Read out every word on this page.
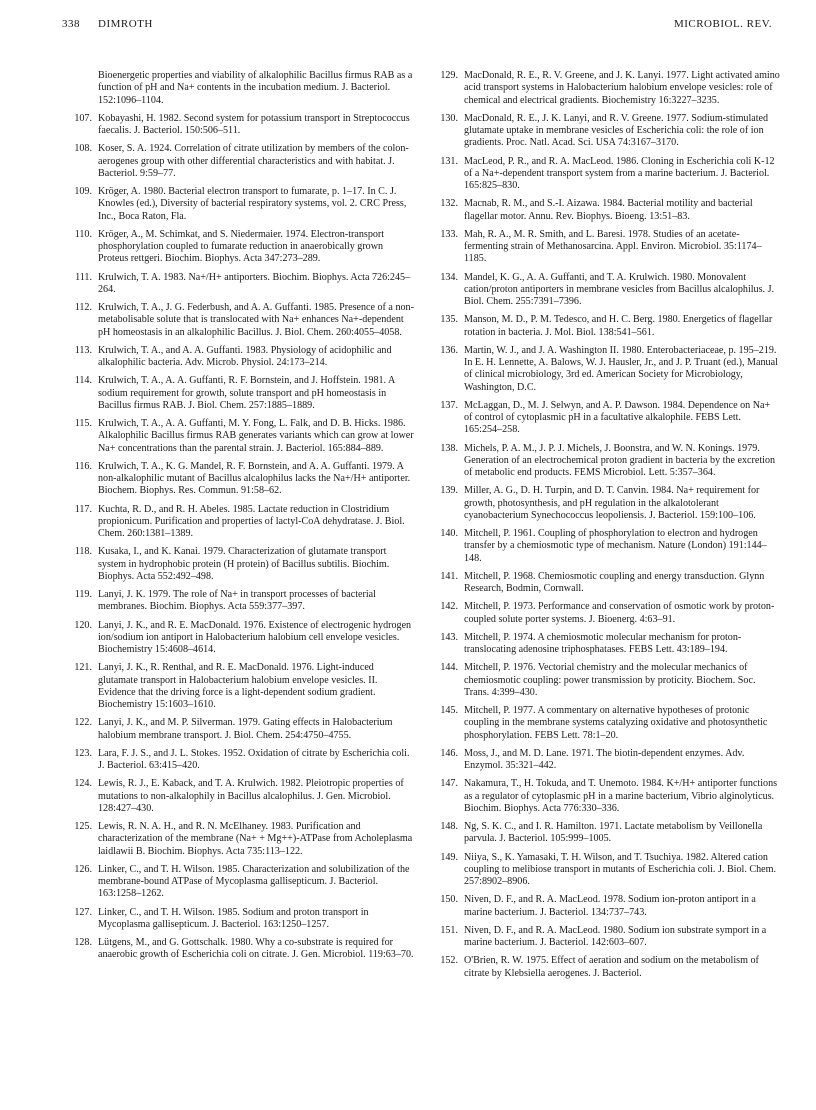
338 DIMROTH	MICROBIOL. REV.
Bioenergetic properties and viability of alkalophilic Bacillus firmus RAB as a function of pH and Na+ contents in the incubation medium. J. Bacteriol. 152:1096–1104.
107. Kobayashi, H. 1982. Second system for potassium transport in Streptococcus faecalis. J. Bacteriol. 150:506–511.
108. Koser, S. A. 1924. Correlation of citrate utilization by members of the colon-aerogenes group with other differential characteristics and with habitat. J. Bacteriol. 9:59–77.
109. Kröger, A. 1980. Bacterial electron transport to fumarate, p. 1–17. In C. J. Knowles (ed.), Diversity of bacterial respiratory systems, vol. 2. CRC Press, Inc., Boca Raton, Fla.
110. Kröger, A., M. Schimkat, and S. Niedermaier. 1974. Electron-transport phosphorylation coupled to fumarate reduction in anaerobically grown Proteus rettgeri. Biochim. Biophys. Acta 347:273–289.
111. Krulwich, T. A. 1983. Na+/H+ antiporters. Biochim. Biophys. Acta 726:245–264.
112. Krulwich, T. A., J. G. Federbush, and A. A. Guffanti. 1985. Presence of a non-metabolisable solute that is translocated with Na+ enhances Na+-dependent pH homeostasis in an alkalophilic Bacillus. J. Biol. Chem. 260:4055–4058.
113. Krulwich, T. A., and A. A. Guffanti. 1983. Physiology of acidophilic and alkalophilic bacteria. Adv. Microb. Physiol. 24:173–214.
114. Krulwich, T. A., A. A. Guffanti, R. F. Bornstein, and J. Hoffstein. 1981. A sodium requirement for growth, solute transport and pH homeostasis in Bacillus firmus RAB. J. Biol. Chem. 257:1885–1889.
115. Krulwich, T. A., A. A. Guffanti, M. Y. Fong, L. Falk, and D. B. Hicks. 1986. Alkalophilic Bacillus firmus RAB generates variants which can grow at lower Na+ concentrations than the parental strain. J. Bacteriol. 165:884–889.
116. Krulwich, T. A., K. G. Mandel, R. F. Bornstein, and A. A. Guffanti. 1979. A non-alkalophilic mutant of Bacillus alcalophilus lacks the Na+/H+ antiporter. Biochem. Biophys. Res. Commun. 91:58–62.
117. Kuchta, R. D., and R. H. Abeles. 1985. Lactate reduction in Clostridium propionicum. Purification and properties of lactyl-CoA dehydratase. J. Biol. Chem. 260:1381–1389.
118. Kusaka, I., and K. Kanai. 1979. Characterization of glutamate transport system in hydrophobic protein (H protein) of Bacillus subtilis. Biochim. Biophys. Acta 552:492–498.
119. Lanyi, J. K. 1979. The role of Na+ in transport processes of bacterial membranes. Biochim. Biophys. Acta 559:377–397.
120. Lanyi, J. K., and R. E. MacDonald. 1976. Existence of electrogenic hydrogen ion/sodium ion antiport in Halobacterium halobium cell envelope vesicles. Biochemistry 15:4608–4614.
121. Lanyi, J. K., R. Renthal, and R. E. MacDonald. 1976. Light-induced glutamate transport in Halobacterium halobium envelope vesicles. II. Evidence that the driving force is a light-dependent sodium gradient. Biochemistry 15:1603–1610.
122. Lanyi, J. K., and M. P. Silverman. 1979. Gating effects in Halobacterium halobium membrane transport. J. Biol. Chem. 254:4750–4755.
123. Lara, F. J. S., and J. L. Stokes. 1952. Oxidation of citrate by Escherichia coli. J. Bacteriol. 63:415–420.
124. Lewis, R. J., E. Kaback, and T. A. Krulwich. 1982. Pleiotropic properties of mutations to non-alkalophily in Bacillus alcalophilus. J. Gen. Microbiol. 128:427–430.
125. Lewis, R. N. A. H., and R. N. McElhaney. 1983. Purification and characterization of the membrane (Na+ + Mg++)-ATPase from Acholeplasma laidlawii B. Biochim. Biophys. Acta 735:113–122.
126. Linker, C., and T. H. Wilson. 1985. Characterization and solubilization of the membrane-bound ATPase of Mycoplasma gallisepticum. J. Bacteriol. 163:1258–1262.
127. Linker, C., and T. H. Wilson. 1985. Sodium and proton transport in Mycoplasma gallisepticum. J. Bacteriol. 163:1250–1257.
128. Lütgens, M., and G. Gottschalk. 1980. Why a co-substrate is required for anaerobic growth of Escherichia coli on citrate. J. Gen. Microbiol. 119:63–70.
129. MacDonald, R. E., R. V. Greene, and J. K. Lanyi. 1977. Light activated amino acid transport systems in Halobacterium halobium envelope vesicles: role of chemical and electrical gradients. Biochemistry 16:3227–3235.
130. MacDonald, R. E., J. K. Lanyi, and R. V. Greene. 1977. Sodium-stimulated glutamate uptake in membrane vesicles of Escherichia coli: the role of ion gradients. Proc. Natl. Acad. Sci. USA 74:3167–3170.
131. MacLeod, P. R., and R. A. MacLeod. 1986. Cloning in Escherichia coli K-12 of a Na+-dependent transport system from a marine bacterium. J. Bacteriol. 165:825–830.
132. Macnab, R. M., and S.-I. Aizawa. 1984. Bacterial motility and bacterial flagellar motor. Annu. Rev. Biophys. Bioeng. 13:51–83.
133. Mah, R. A., M. R. Smith, and L. Baresi. 1978. Studies of an acetate-fermenting strain of Methanosarcina. Appl. Environ. Microbiol. 35:1174–1185.
134. Mandel, K. G., A. A. Guffanti, and T. A. Krulwich. 1980. Monovalent cation/proton antiporters in membrane vesicles from Bacillus alcalophilus. J. Biol. Chem. 255:7391–7396.
135. Manson, M. D., P. M. Tedesco, and H. C. Berg. 1980. Energetics of flagellar rotation in bacteria. J. Mol. Biol. 138:541–561.
136. Martin, W. J., and J. A. Washington II. 1980. Enterobacteriaceae, p. 195–219. In E. H. Lennette, A. Balows, W. J. Hausler, Jr., and J. P. Truant (ed.), Manual of clinical microbiology, 3rd ed. American Society for Microbiology, Washington, D.C.
137. McLaggan, D., M. J. Selwyn, and A. P. Dawson. 1984. Dependence on Na+ of control of cytoplasmic pH in a facultative alkalophile. FEBS Lett. 165:254–258.
138. Michels, P. A. M., J. P. J. Michels, J. Boonstra, and W. N. Konings. 1979. Generation of an electrochemical proton gradient in bacteria by the excretion of metabolic end products. FEMS Microbiol. Lett. 5:357–364.
139. Miller, A. G., D. H. Turpin, and D. T. Canvin. 1984. Na+ requirement for growth, photosynthesis, and pH regulation in the alkalotolerant cyanobacterium Synechococcus leopoliensis. J. Bacteriol. 159:100–106.
140. Mitchell, P. 1961. Coupling of phosphorylation to electron and hydrogen transfer by a chemiosmotic type of mechanism. Nature (London) 191:144–148.
141. Mitchell, P. 1968. Chemiosmotic coupling and energy transduction. Glynn Research, Bodmin, Cornwall.
142. Mitchell, P. 1973. Performance and conservation of osmotic work by proton-coupled solute porter systems. J. Bioenerg. 4:63–91.
143. Mitchell, P. 1974. A chemiosmotic molecular mechanism for proton-translocating adenosine triphosphatases. FEBS Lett. 43:189–194.
144. Mitchell, P. 1976. Vectorial chemistry and the molecular mechanics of chemiosmotic coupling: power transmission by proticity. Biochem. Soc. Trans. 4:399–430.
145. Mitchell, P. 1977. A commentary on alternative hypotheses of protonic coupling in the membrane systems catalyzing oxidative and photosynthetic phosphorylation. FEBS Lett. 78:1–20.
146. Moss, J., and M. D. Lane. 1971. The biotin-dependent enzymes. Adv. Enzymol. 35:321–442.
147. Nakamura, T., H. Tokuda, and T. Unemoto. 1984. K+/H+ antiporter functions as a regulator of cytoplasmic pH in a marine bacterium, Vibrio alginolyticus. Biochim. Biophys. Acta 776:330–336.
148. Ng, S. K. C., and I. R. Hamilton. 1971. Lactate metabolism by Veillonella parvula. J. Bacteriol. 105:999–1005.
149. Niiya, S., K. Yamasaki, T. H. Wilson, and T. Tsuchiya. 1982. Altered cation coupling to melibiose transport in mutants of Escherichia coli. J. Biol. Chem. 257:8902–8906.
150. Niven, D. F., and R. A. MacLeod. 1978. Sodium ion-proton antiport in a marine bacterium. J. Bacteriol. 134:737–743.
151. Niven, D. F., and R. A. MacLeod. 1980. Sodium ion substrate symport in a marine bacterium. J. Bacteriol. 142:603–607.
152. O'Brien, R. W. 1975. Effect of aeration and sodium on the metabolism of citrate by Klebsiella aerogenes. J. Bacteriol.
